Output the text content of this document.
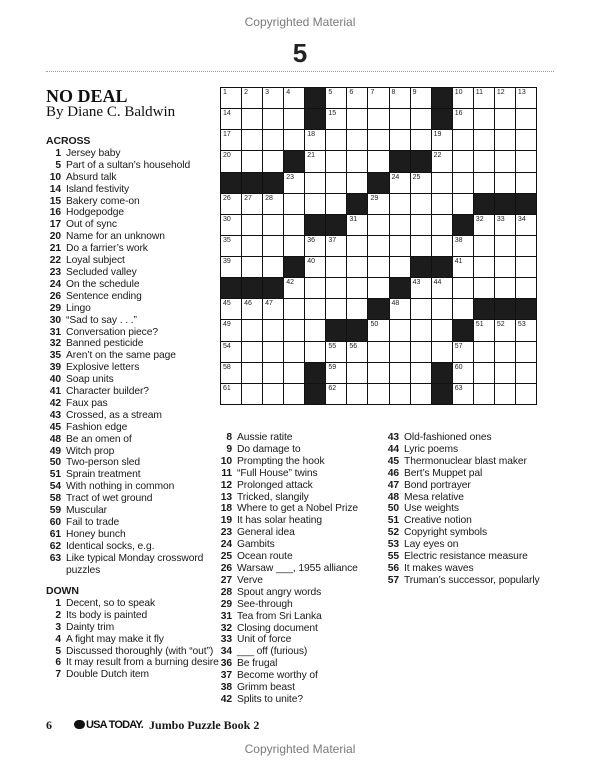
Copyrighted Material
5
NO DEAL
By Diane C. Baldwin
ACROSS
1 Jersey baby
5 Part of a sultan’s household
10 Absurd talk
14 Island festivity
15 Bakery come-on
16 Hodgepodge
17 Out of sync
20 Name for an unknown
21 Do a farrier’s work
22 Loyal subject
23 Secluded valley
24 On the schedule
26 Sentence ending
29 Lingo
30 “Sad to say . . .”
31 Conversation piece?
32 Banned pesticide
35 Aren’t on the same page
39 Explosive letters
40 Soap units
41 Character builder?
42 Faux pas
43 Crossed, as a stream
45 Fashion edge
48 Be an omen of
49 Witch prop
50 Two-person sled
51 Sprain treatment
54 With nothing in common
58 Tract of wet ground
59 Muscular
60 Fail to trade
61 Honey bunch
62 Identical socks, e.g.
63 Like typical Monday crossword puzzles
DOWN
1 Decent, so to speak
2 Its body is painted
3 Dainty trim
4 A fight may make it fly
5 Discussed thoroughly (with “out”)
6 It may result from a burning desire
7 Double Dutch item
8 Aussie ratite
9 Do damage to
10 Prompting the hook
11 “Full House” twins
12 Prolonged attack
13 Tricked, slangily
18 Where to get a Nobel Prize
19 It has solar heating
23 General idea
24 Gambits
25 Ocean route
26 Warsaw ___, 1955 alliance
27 Verve
28 Spout angry words
29 See-through
31 Tea from Sri Lanka
32 Closing document
33 Unit of force
34 ___ off (furious)
36 Be frugal
37 Become worthy of
38 Grimm beast
42 Splits to unite?
43 Old-fashioned ones
44 Lyric poems
45 Thermonuclear blast maker
46 Bert’s Muppet pal
47 Bond portrayer
48 Mesa relative
50 Use weights
51 Creative notion
52 Copyright symbols
53 Lay eyes on
55 Electric resistance measure
56 It makes waves
57 Truman’s successor, popularly
1 2 3 4	5 6 7 8 9	10 11 12 13
14	15	16
17	18	19
20	21	22
23	24 25
26 27 28	29
30	31	32 33 34
35	36 37	38
39	40	41
42	43 44
45 46 47	48
49	50	51 52 53
54	55 56	57
58	59	60
61	62	63
6	USA TODAY. Jumbo Puzzle Book 2
Copyrighted Material
